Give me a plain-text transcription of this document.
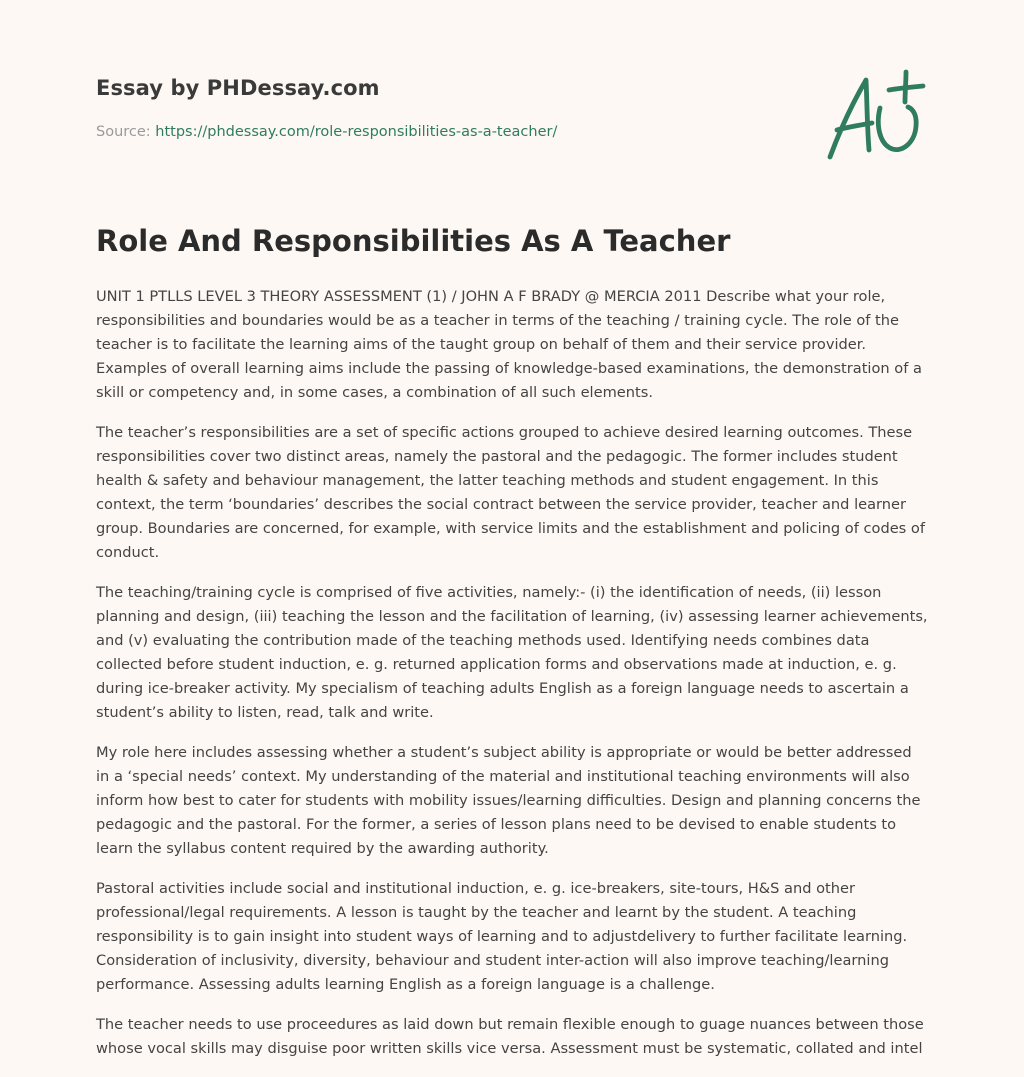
Essay by PHDessay.com

Source: https://phdessay.com/role-responsibilities-as-a-teacher/

Role And Responsibilities As A Teacher

UNIT 1 PTLLS LEVEL 3 THEORY ASSESSMENT (1) / JOHN A F BRADY @ MERCIA 2011 Describe what your role, responsibilities and boundaries would be as a teacher in terms of the teaching / training cycle. The role of the teacher is to facilitate the learning aims of the taught group on behalf of them and their service provider. Examples of overall learning aims include the passing of knowledge-based examinations, the demonstration of a skill or competency and, in some cases, a combination of all such elements.

The teacher’s responsibilities are a set of specific actions grouped to achieve desired learning outcomes. These responsibilities cover two distinct areas, namely the pastoral and the pedagogic. The former includes student health & safety and behaviour management, the latter teaching methods and student engagement. In this context, the term ‘boundaries’ describes the social contract between the service provider, teacher and learner group. Boundaries are concerned, for example, with service limits and the establishment and policing of codes of conduct.

The teaching/training cycle is comprised of five activities, namely:- (i) the identification of needs, (ii) lesson planning and design, (iii) teaching the lesson and the facilitation of learning, (iv) assessing learner achievements, and (v) evaluating the contribution made of the teaching methods used. Identifying needs combines data collected before student induction, e. g. returned application forms and observations made at induction, e. g. during ice-breaker activity. My specialism of teaching adults English as a foreign language needs to ascertain a student’s ability to listen, read, talk and write.

My role here includes assessing whether a student’s subject ability is appropriate or would be better addressed in a ‘special needs’ context. My understanding of the material and institutional teaching environments will also inform how best to cater for students with mobility issues/learning difficulties. Design and planning concerns the pedagogic and the pastoral. For the former, a series of lesson plans need to be devised to enable students to learn the syllabus content required by the awarding authority.

Pastoral activities include social and institutional induction, e. g. ice-breakers, site-tours, H&S and other professional/legal requirements. A lesson is taught by the teacher and learnt by the student. A teaching responsibility is to gain insight into student ways of learning and to adjustdelivery to further facilitate learning. Consideration of inclusivity, diversity, behaviour and student inter-action will also improve teaching/learning performance. Assessing adults learning English as a foreign language is a challenge.

The teacher needs to use proceedures as laid down but remain flexible enough to guage nuances between those whose vocal skills may disguise poor written skills vice versa. Assessment must be systematic, collated and intel
